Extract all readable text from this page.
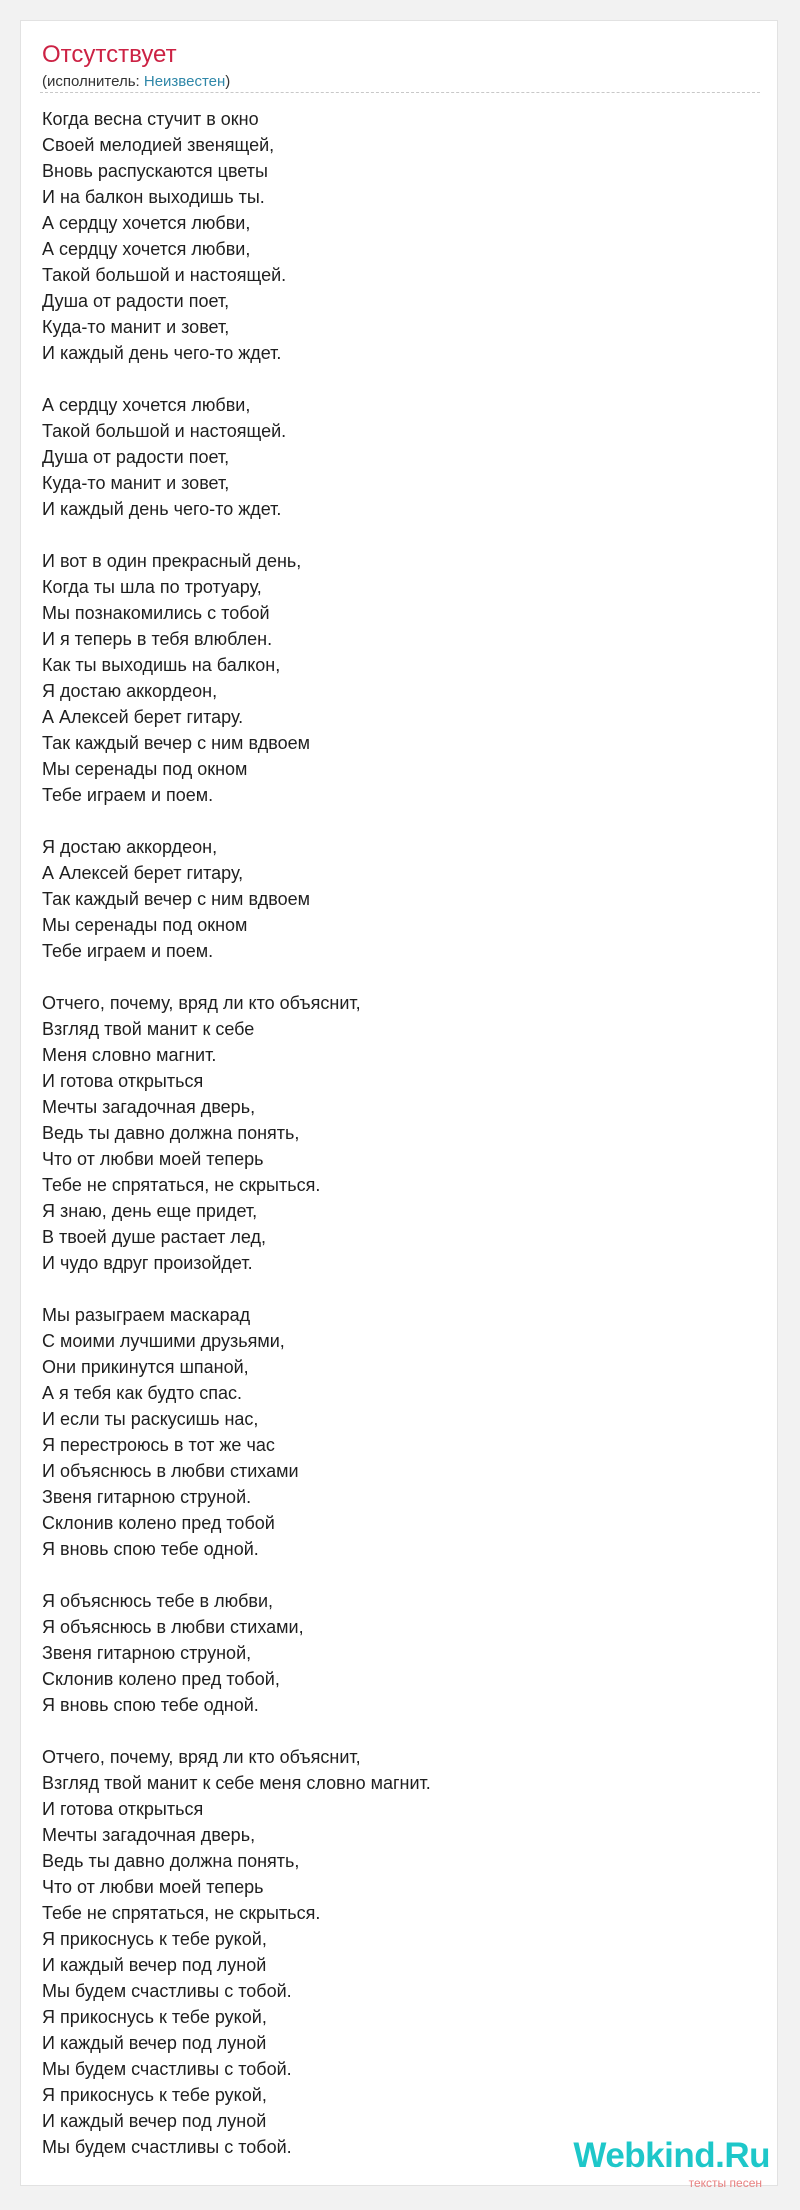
Отсутствует
(исполнитель: Неизвестен)
Когда весна стучит в окно
Своей мелодией звенящей,
Вновь распускаются цветы
И на балкон выходишь ты.
А сердцу хочется любви,
А сердцу хочется любви,
Такой большой и настоящей.
Душа от радости поет,
Куда-то манит и зовет,
И каждый день чего-то ждет.
А сердцу хочется любви,
Такой большой и настоящей.
Душа от радости поет,
Куда-то манит и зовет,
И каждый день чего-то ждет.
И вот в один прекрасный день,
Когда ты шла по тротуару,
Мы познакомились с тобой
И я теперь в тебя влюблен.
Как ты выходишь на балкон,
Я достаю аккордеон,
А Алексей берет гитару.
Так каждый вечер с ним вдвоем
Мы серенады под окном
Тебе играем и поем.
Я достаю аккордеон,
А Алексей берет гитару,
Так каждый вечер с ним вдвоем
Мы серенады под окном
Тебе играем и поем.
Отчего, почему, вряд ли кто объяснит,
Взгляд твой манит к себе
Меня словно магнит.
И готова открыться
Мечты загадочная дверь,
Ведь ты давно должна понять,
Что от любви моей теперь
Тебе не спрятаться, не скрыться.
Я знаю, день еще придет,
В твоей душе растает лед,
И чудо вдруг произойдет.
Мы разыграем маскарад
С моими лучшими друзьями,
Они прикинутся шпаной,
А я тебя как будто спас.
И если ты раскусишь нас,
Я перестроюсь в тот же час
И объяснюсь в любви стихами
Звеня гитарною струной.
Склонив колено пред тобой
Я вновь спою тебе одной.
Я объяснюсь тебе в любви,
Я объяснюсь в любви стихами,
Звеня гитарною струной,
Склонив колено пред тобой,
Я вновь спою тебе одной.
Отчего, почему, вряд ли кто объяснит,
Взгляд твой манит к себе меня словно магнит.
И готова открыться
Мечты загадочная дверь,
Ведь ты давно должна понять,
Что от любви моей теперь
Тебе не спрятаться, не скрыться.
Я прикоснусь к тебе рукой,
И каждый вечер под луной
Мы будем счастливы с тобой.
Я прикоснусь к тебе рукой,
И каждый вечер под луной
Мы будем счастливы с тобой.
Я прикоснусь к тебе рукой,
И каждый вечер под луной
Мы будем счастливы с тобой.	Webkind.Ru
тексты песен
